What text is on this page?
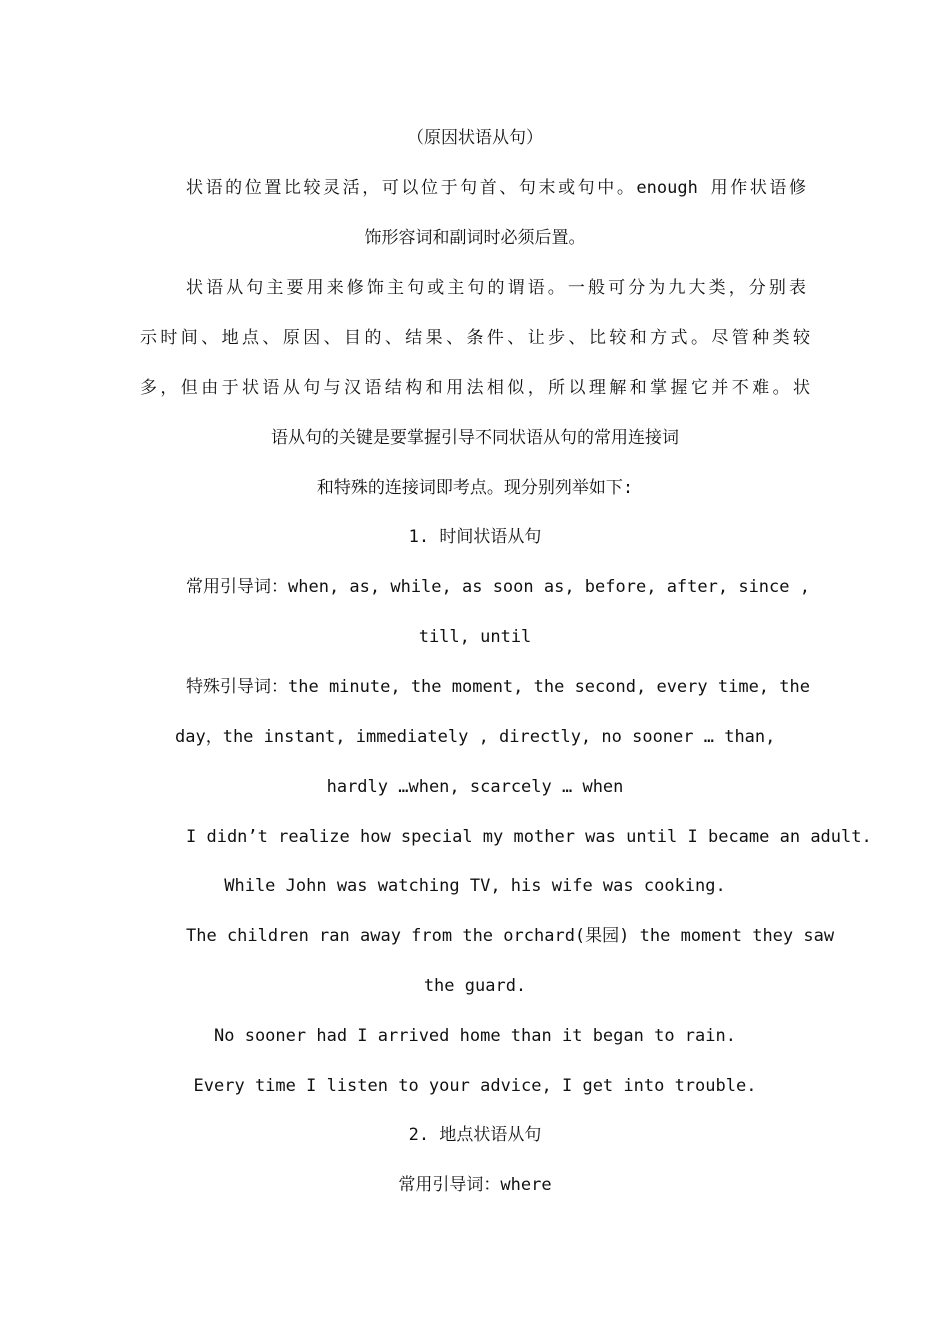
（原因状语从句）
状语的位置比较灵活，可以位于句首、句末或句中。enough 用作状语修
饰形容词和副词时必须后置。
状语从句主要用来修饰主句或主句的谓语。一般可分为九大类，分别表
示时间、地点、原因、目的、结果、条件、让步、比较和方式。尽管种类较
多，但由于状语从句与汉语结构和用法相似，所以理解和掌握它并不难。状
语从句的关键是要掌握引导不同状语从句的常用连接词
和特殊的连接词即考点。现分别列举如下:
1. 时间状语从句
常用引导词：when, as, while, as soon as, before, after, since ,
till, until
特殊引导词：the minute, the moment, the second, every time, the
day，the instant, immediately , directly, no sooner … than,
hardly …when, scarcely … when
I didn’t realize how special my mother was until I became an adult.
While John was watching TV, his wife was cooking.
The children ran away from the orchard(果园) the moment they saw
the guard.
No sooner had I arrived home than it began to rain.
Every time I listen to your advice, I get into trouble.
2. 地点状语从句
常用引导词：where
